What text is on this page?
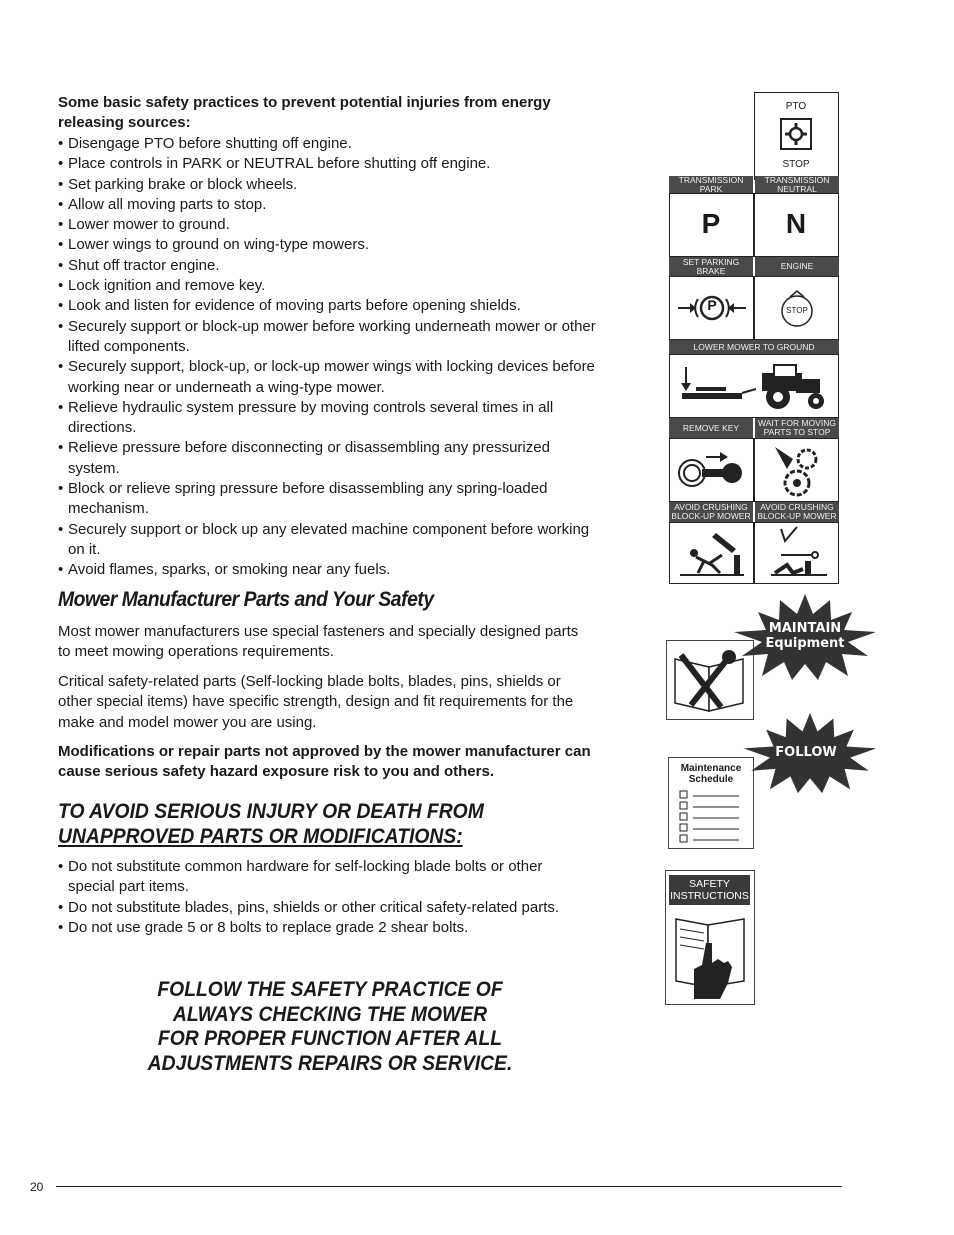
Some basic safety practices to prevent potential injuries from energy releasing sources:
• Disengage PTO before shutting off engine.
• Place controls in PARK or NEUTRAL before shutting off engine.
• Set parking brake or block wheels.
• Allow all moving parts to stop.
• Lower mower to ground.
• Lower wings to ground on wing-type mowers.
• Shut off tractor engine.
• Lock ignition and remove key.
• Look and listen for evidence of moving parts before opening shields.
• Securely support or block-up mower before working underneath mower or other lifted components.
• Securely support, block-up, or lock-up mower wings with locking devices before working near or underneath a wing-type mower.
• Relieve hydraulic system pressure by moving controls several times in all directions.
• Relieve pressure before disconnecting or disassembling any pressurized system.
• Block or relieve spring pressure before disassembling any spring-loaded mechanism.
• Securely support or block up any elevated machine component before working on it.
• Avoid flames, sparks, or smoking near any fuels.
Mower Manufacturer Parts and Your Safety
Most mower manufacturers use special fasteners and specially designed parts to meet mowing operations requirements.
Critical safety-related parts (Self-locking blade bolts, blades, pins, shields or other special items) have specific strength, design and fit requirements for the make and model mower you are using.
Modifications or repair parts not approved by the mower manufacturer can cause serious safety hazard exposure risk to you and others.
TO AVOID SERIOUS INJURY OR DEATH FROM
UNAPPROVED PARTS OR MODIFICATIONS:
• Do not substitute common hardware for self-locking blade bolts or other special part items.
• Do not substitute blades, pins, shields or other critical safety-related parts.
• Do not use grade 5 or 8 bolts to replace grade 2 shear bolts.
FOLLOW THE SAFETY PRACTICE OF
ALWAYS CHECKING THE MOWER
FOR PROPER FUNCTION AFTER ALL
ADJUSTMENTS REPAIRS OR SERVICE.
20
PTO
STOP
TRANSMISSION PARK
TRANSMISSION NEUTRAL
P	N
SET PARKING BRAKE	ENGINE
P	STOP
LOWER MOWER TO GROUND
REMOVE KEY	WAIT FOR MOVING PARTS TO STOP
AVOID CRUSHING BLOCK-UP MOWER
AVOID CRUSHING BLOCK-UP MOWER
MAINTAIN
Equipment
Maintenance
Schedule
FOLLOW
SAFETY
INSTRUCTIONS
